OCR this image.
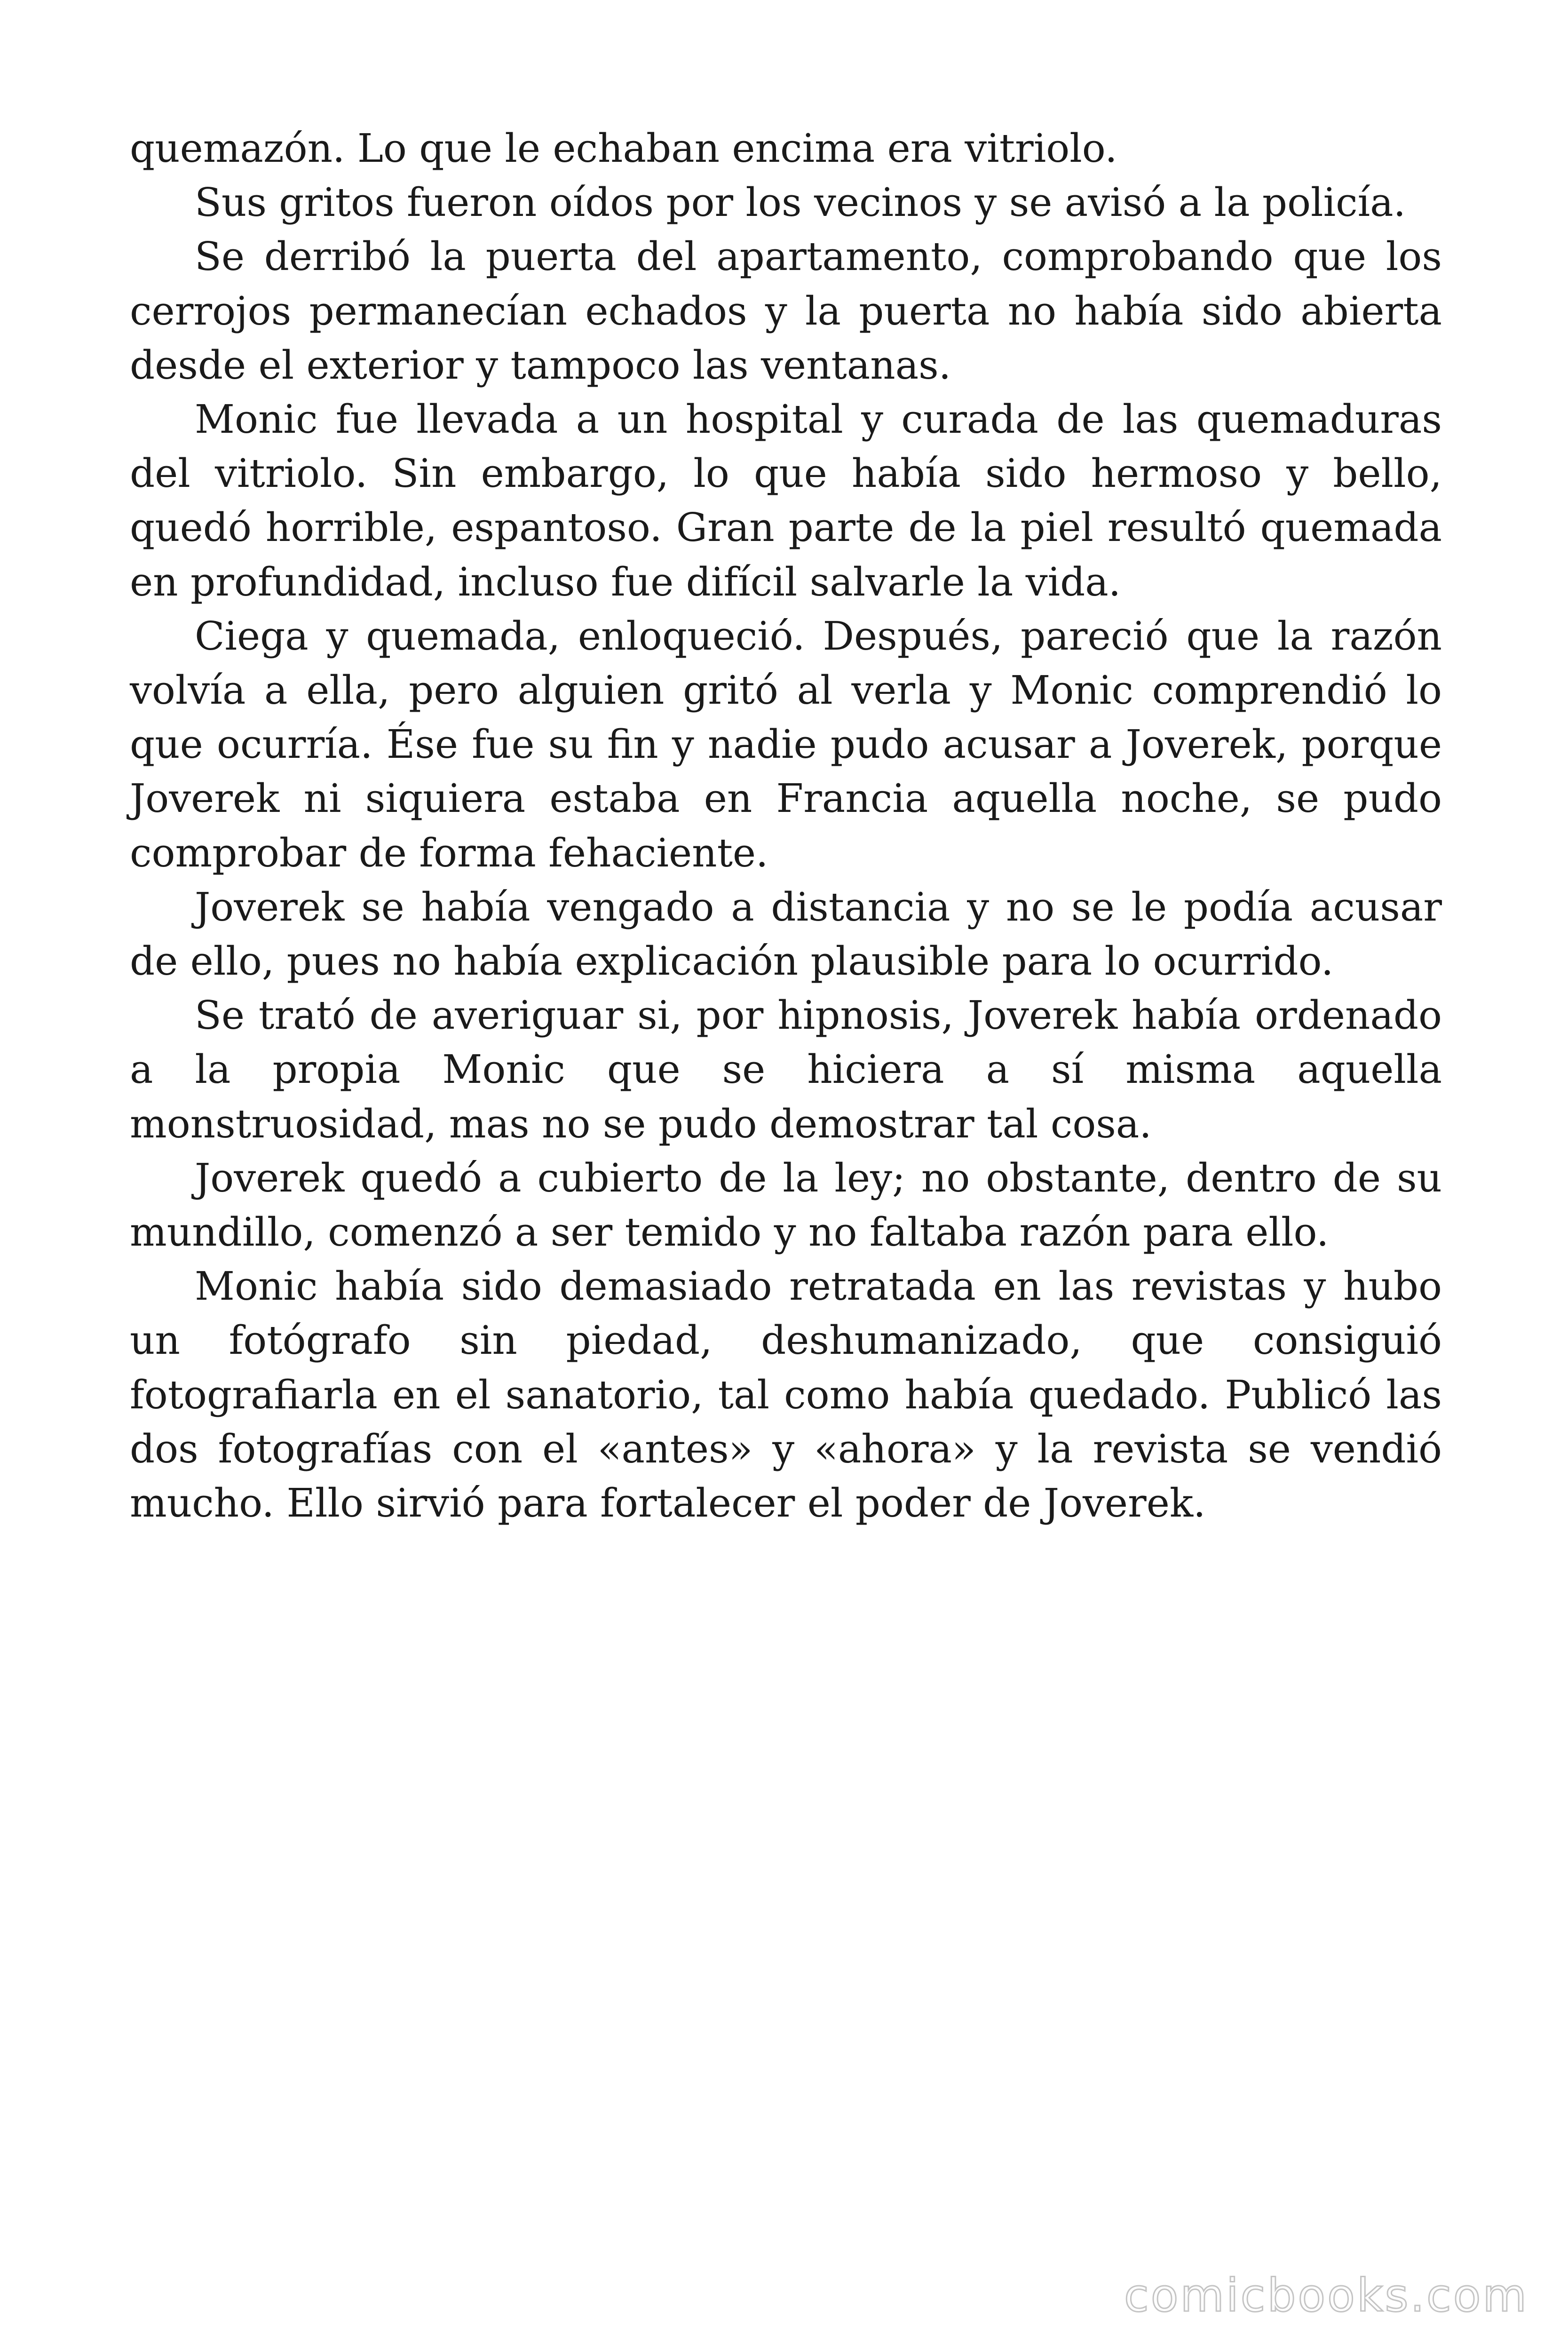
quemazón. Lo que le echaban encima era vitriolo.

Sus gritos fueron oídos por los vecinos y se avisó a la policía.

Se derribó la puerta del apartamento, comprobando que los cerrojos permanecían echados y la puerta no había sido abierta desde el exterior y tampoco las ventanas.

Monic fue llevada a un hospital y curada de las quemaduras del vitriolo. Sin embargo, lo que había sido hermoso y bello, quedó horrible, espantoso. Gran parte de la piel resultó quemada en profundidad, incluso fue difícil salvarle la vida.

Ciega y quemada, enloqueció. Después, pareció que la razón volvía a ella, pero alguien gritó al verla y Monic comprendió lo que ocurría. Ése fue su fin y nadie pudo acusar a Joverek, porque Joverek ni siquiera estaba en Francia aquella noche, se pudo comprobar de forma fehaciente.

Joverek se había vengado a distancia y no se le podía acusar de ello, pues no había explicación plausible para lo ocurrido.

Se trató de averiguar si, por hipnosis, Joverek había ordenado a la propia Monic que se hiciera a sí misma aquella monstruosidad, mas no se pudo demostrar tal cosa.

Joverek quedó a cubierto de la ley; no obstante, dentro de su mundillo, comenzó a ser temido y no faltaba razón para ello.

Monic había sido demasiado retratada en las revistas y hubo un fotógrafo sin piedad, deshumanizado, que consiguió fotografiarla en el sanatorio, tal como había quedado. Publicó las dos fotografías con el «antes» y «ahora» y la revista se vendió mucho. Ello sirvió para fortalecer el poder de Joverek.

comicbooks.com
